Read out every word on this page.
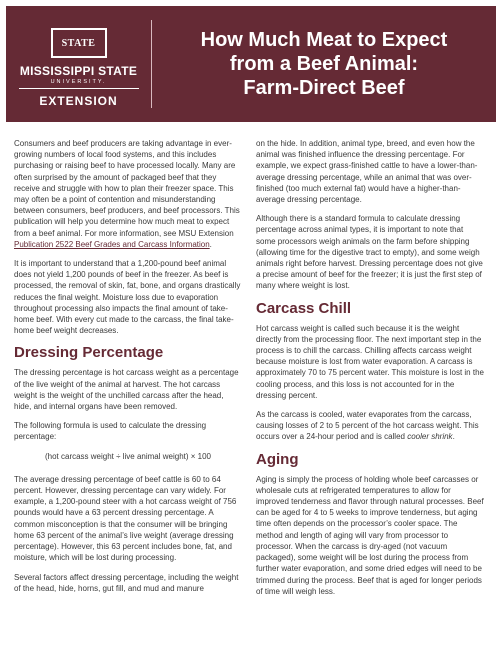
STATE
MISSISSIPPI STATE
UNIVERSITY.
EXTENSION
How Much Meat to Expect
from a Beef Animal:
Farm-Direct Beef

Consumers and beef producers are taking advantage in ever-growing numbers of local food systems, and this includes purchasing or raising beef to have processed locally. Many are often surprised by the amount of packaged beef that they receive and struggle with how to plan their freezer space. This may often be a point of contention and misunderstanding between consumers, beef producers, and beef processors. This publication will help you determine how much meat to expect from a beef animal. For more information, see MSU Extension Publication 2522 Beef Grades and Carcass Information.

It is important to understand that a 1,200-pound beef animal does not yield 1,200 pounds of beef in the freezer. As beef is processed, the removal of skin, fat, bone, and organs drastically reduces the final weight. Moisture loss due to evaporation throughout processing also impacts the final amount of take-home beef. With every cut made to the carcass, the final take-home beef weight decreases.

Dressing Percentage

The dressing percentage is hot carcass weight as a percentage of the live weight of the animal at harvest. The hot carcass weight is the weight of the unchilled carcass after the head, hide, and internal organs have been removed.

The following formula is used to calculate the dressing percentage:

(hot carcass weight ÷ live animal weight) × 100

The average dressing percentage of beef cattle is 60 to 64 percent. However, dressing percentage can vary widely. For example, a 1,200-pound steer with a hot carcass weight of 756 pounds would have a 63 percent dressing percentage. A common misconception is that the consumer will be bringing home 63 percent of the animal’s live weight (average dressing percentage). However, this 63 percent includes bone, fat, and moisture, which will be lost during processing.

Several factors affect dressing percentage, including the weight of the head, hide, horns, gut fill, and mud and manure

on the hide. In addition, animal type, breed, and even how the animal was finished influence the dressing percentage. For example, we expect grass-finished cattle to have a lower-than-average dressing percentage, while an animal that was over-finished (too much external fat) would have a higher-than-average dressing percentage.

Although there is a standard formula to calculate dressing percentage across animal types, it is important to note that some processors weigh animals on the farm before shipping (allowing time for the digestive tract to empty), and some weigh animals right before harvest. Dressing percentage does not give a precise amount of beef for the freezer; it is just the first step of many where weight is lost.

Carcass Chill

Hot carcass weight is called such because it is the weight directly from the processing floor. The next important step in the process is to chill the carcass. Chilling affects carcass weight because moisture is lost from water evaporation. A carcass is approximately 70 to 75 percent water. This moisture is lost in the cooling process, and this loss is not accounted for in the dressing percent.

As the carcass is cooled, water evaporates from the carcass, causing losses of 2 to 5 percent of the hot carcass weight. This occurs over a 24-hour period and is called cooler shrink.

Aging

Aging is simply the process of holding whole beef carcasses or wholesale cuts at refrigerated temperatures to allow for improved tenderness and flavor through natural processes. Beef can be aged for 4 to 5 weeks to improve tenderness, but aging time often depends on the processor’s cooler space. The method and length of aging will vary from processor to processor. When the carcass is dry-aged (not vacuum packaged), some weight will be lost during the process from further water evaporation, and some dried edges will need to be trimmed during the process. Beef that is aged for longer periods of time will weigh less.
